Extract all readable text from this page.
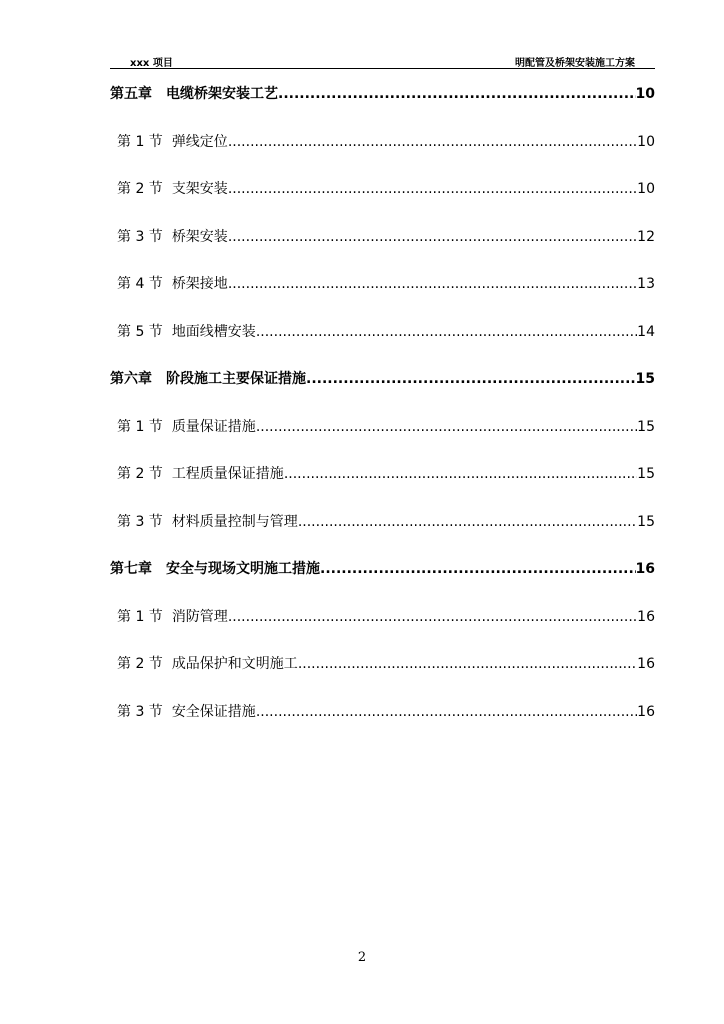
xxx 项目	明配管及桥架安装施工方案
第五章 电缆桥架安装工艺 .....	10
第 1 节 弹线定位 .....	10
第 2 节 支架安装 .....	10
第 3 节 桥架安装 .....	12
第 4 节 桥架接地 .....	13
第 5 节 地面线槽安装 .....	14
第六章 阶段施工主要保证措施 .....	15
第 1 节 质量保证措施 .....	15
第 2 节 工程质量保证措施 .....	15
第 3 节 材料质量控制与管理 .....	15
第七章 安全与现场文明施工措施 .....	16
第 1 节 消防管理 .....	16
第 2 节 成品保护和文明施工 .....	16
第 3 节 安全保证措施 .....	16
2
